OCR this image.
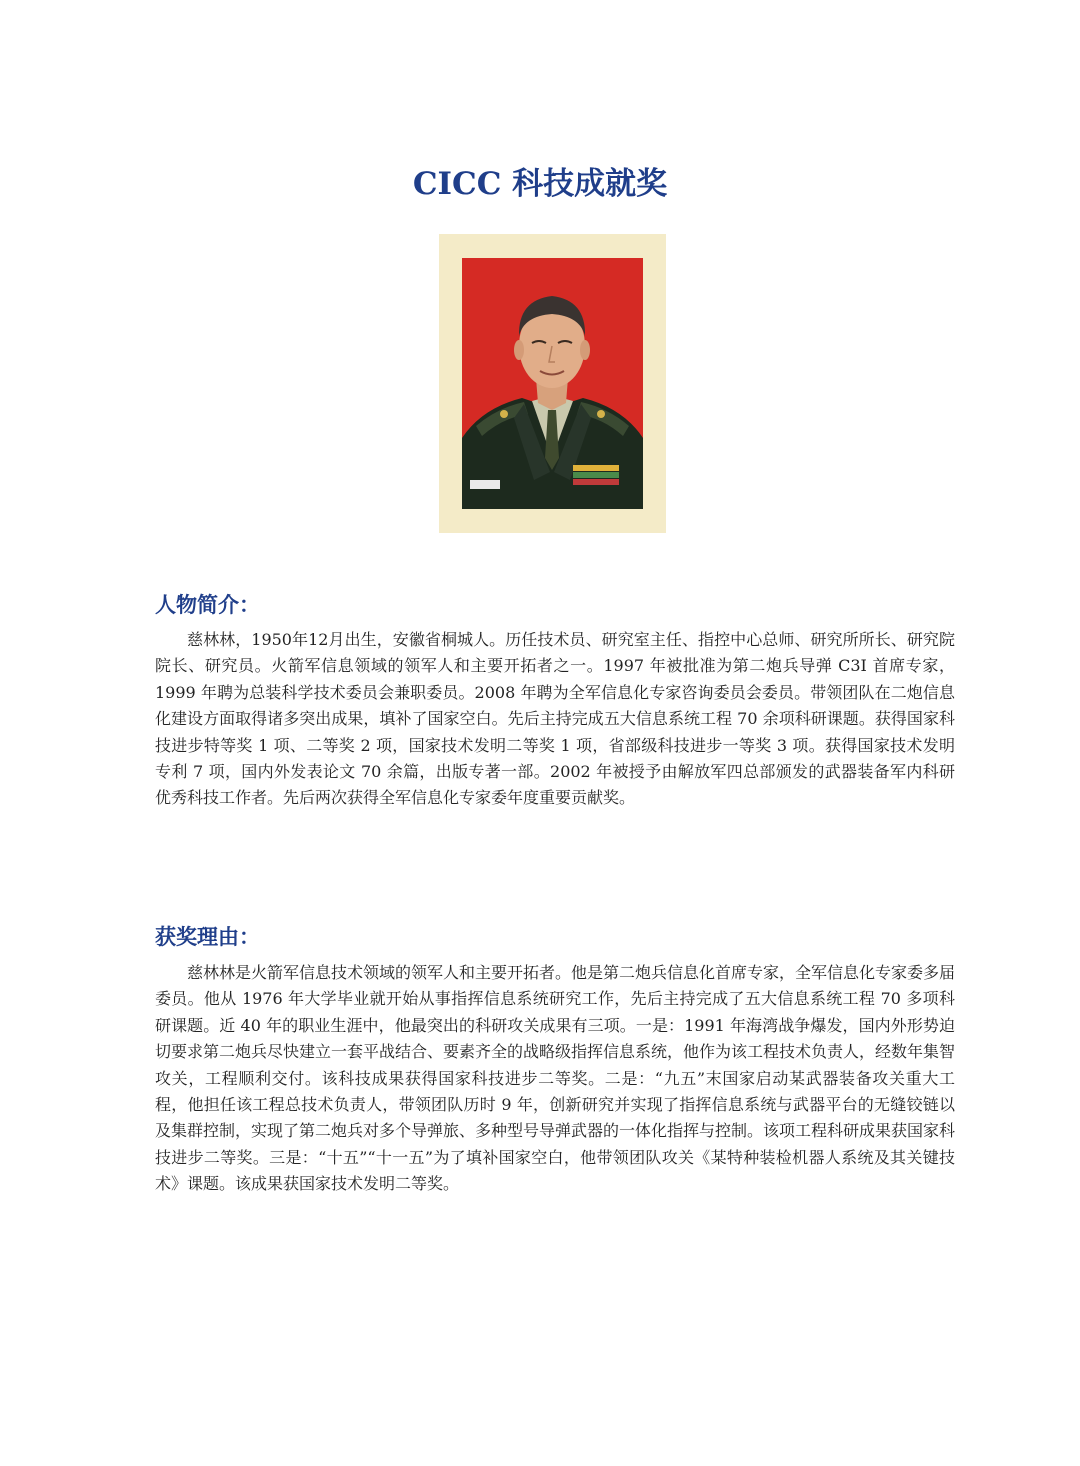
CICC 科技成就奖
人物简介：

慈林林，1950年12月出生，安徽省桐城人。历任技术员、研究室主任、指控中心总师、研究所所长、研究院院长、研究员。火箭军信息领域的领军人和主要开拓者之一。1997 年被批准为第二炮兵导弹 C3I 首席专家，1999 年聘为总装科学技术委员会兼职委员。2008 年聘为全军信息化专家咨询委员会委员。带领团队在二炮信息化建设方面取得诸多突出成果，填补了国家空白。先后主持完成五大信息系统工程 70 余项科研课题。获得国家科技进步特等奖 1 项、二等奖 2 项，国家技术发明二等奖 1 项，省部级科技进步一等奖 3 项。获得国家技术发明专利 7 项，国内外发表论文 70 余篇，出版专著一部。2002 年被授予由解放军四总部颁发的武器装备军内科研优秀科技工作者。先后两次获得全军信息化专家委年度重要贡献奖。

获奖理由：

慈林林是火箭军信息技术领域的领军人和主要开拓者。他是第二炮兵信息化首席专家，全军信息化专家委多届委员。他从 1976 年大学毕业就开始从事指挥信息系统研究工作，先后主持完成了五大信息系统工程 70 多项科研课题。近 40 年的职业生涯中，他最突出的科研攻关成果有三项。一是：1991 年海湾战争爆发，国内外形势迫切要求第二炮兵尽快建立一套平战结合、要素齐全的战略级指挥信息系统，他作为该工程技术负责人，经数年集智攻关，工程顺利交付。该科技成果获得国家科技进步二等奖。二是：“九五”末国家启动某武器装备攻关重大工程，他担任该工程总技术负责人，带领团队历时 9 年，创新研究并实现了指挥信息系统与武器平台的无缝铰链以及集群控制，实现了第二炮兵对多个导弹旅、多种型号导弹武器的一体化指挥与控制。该项工程科研成果获国家科技进步二等奖。三是：“十五”“十一五”为了填补国家空白，他带领团队攻关《某特种装检机器人系统及其关键技术》课题。该成果获国家技术发明二等奖。
